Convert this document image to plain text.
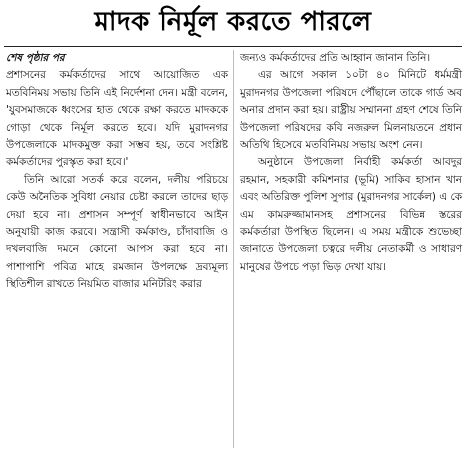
মাদক নির্মূল করতে পারলে

শেষ পৃষ্ঠার পর

প্রশাসনের কর্মকর্তাদের সাথে আয়োজিত এক মতবিনিময় সভায় তিনি এই নির্দেশনা দেন। মন্ত্রী বলেন, 'যুবসমাজকে ধ্বংসের হাত থেকে রক্ষা করতে মাদককে গোড়া থেকে নির্মূল করতে হবে। যদি মুরাদনগর উপজেলাকে মাদকমুক্ত করা সম্ভব হয়, তবে সংশ্লিষ্ট কর্মকর্তাদের পুরস্কৃত করা হবে।'

তিনি আরো সতর্ক করে বলেন, দলীয় পরিচয়ে কেউ অনৈতিক সুবিধা নেয়ার চেষ্টা করলে তাদের ছাড় দেয়া হবে না। প্রশাসন সম্পূর্ণ স্বাধীনভাবে আইন অনুযায়ী কাজ করবে। সন্ত্রাসী কর্মকাণ্ড, চাঁদাবাজি ও দখলবাজি দমনে কোনো আপস করা হবে না। পাশাপাশি পবিত্র মাহে রমজান উপলক্ষে দ্রব্যমূল্য স্থিতিশীল রাখতে নিয়মিত বাজার মনিটরিং করার

জন্যও কর্মকর্তাদের প্রতি আহ্বান জানান তিনি।

এর আগে সকাল ১০টা ৪০ মিনিটে ধর্মমন্ত্রী মুরাদনগর উপজেলা পরিষদে পৌঁছালে তাকে গার্ড অব অনার প্রদান করা হয়। রাষ্ট্রীয় সম্মাননা গ্রহণ শেষে তিনি উপজেলা পরিষদের কবি নজরুল মিলনায়তনে প্রধান অতিথি হিসেবে মতবিনিময় সভায় অংশ নেন।

অনুষ্ঠানে উপজেলা নির্বাহী কর্মকর্তা আবদুর রহমান, সহকারী কমিশনার (ভূমি) সাকিব হাসান খান এবং অতিরিক্ত পুলিশ সুপার (মুরাদনগর সার্কেল) এ কে এম কামরুজ্জামানসহ প্রশাসনের বিভিন্ন স্তরের কর্মকর্তারা উপস্থিত ছিলেন। এ সময় মন্ত্রীকে শুভেচ্ছা জানাতে উপজেলা চত্বরে দলীয় নেতাকর্মী ও সাধারণ মানুষের উপচে পড়া ভিড় দেখা যায়।
